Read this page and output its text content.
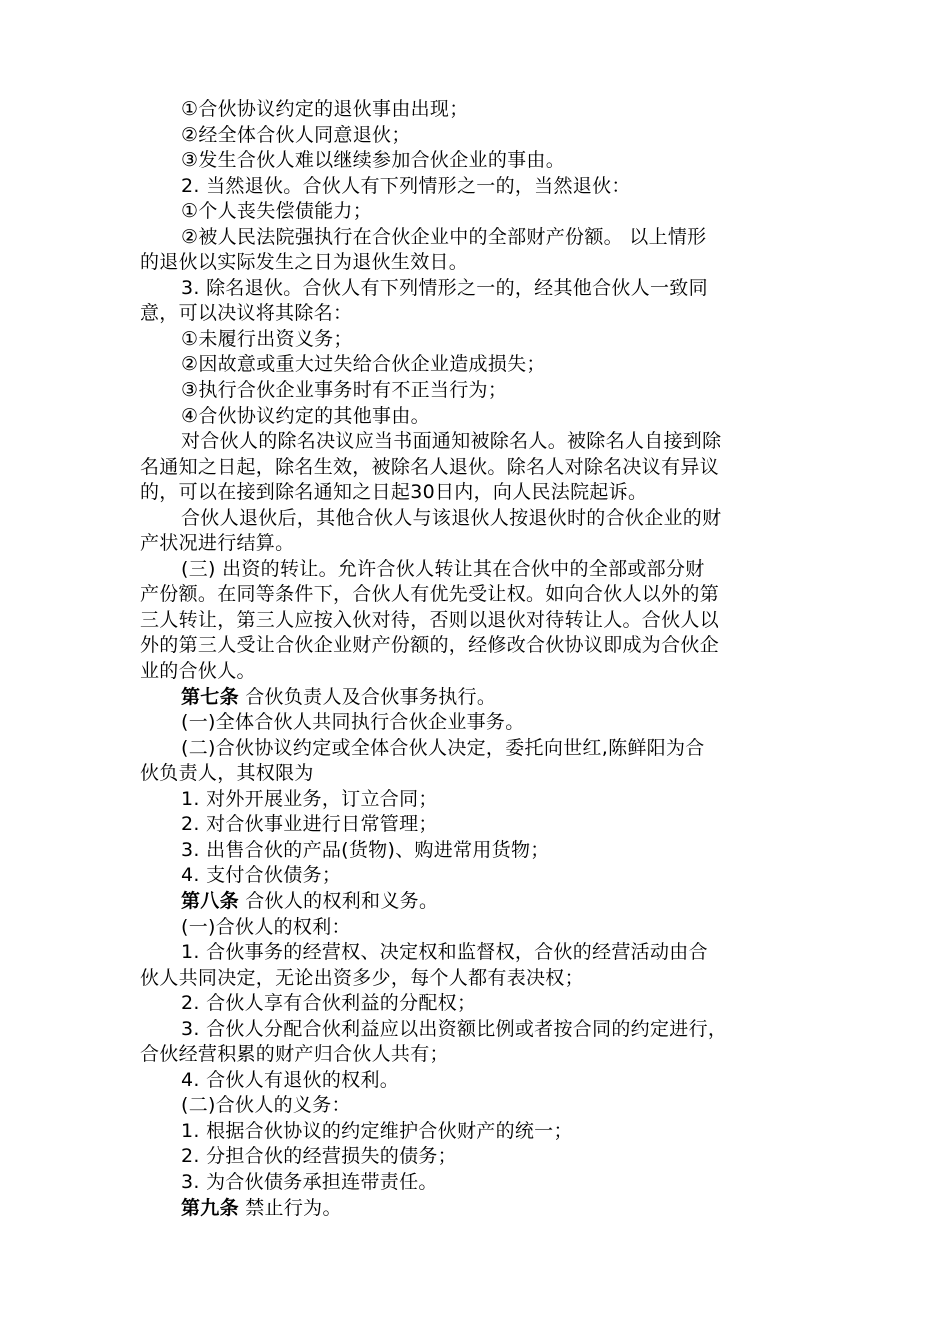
①合伙协议约定的退伙事由出现；
②经全体合伙人同意退伙；
③发生合伙人难以继续参加合伙企业的事由。
2. 当然退伙。合伙人有下列情形之一的，当然退伙：
①个人丧失偿债能力；
②被人民法院强执行在合伙企业中的全部财产份额。 以上情形
的退伙以实际发生之日为退伙生效日。
3. 除名退伙。合伙人有下列情形之一的，经其他合伙人一致同
意，可以决议将其除名：
①未履行出资义务；
②因故意或重大过失给合伙企业造成损失；
③执行合伙企业事务时有不正当行为；
④合伙协议约定的其他事由。
对合伙人的除名决议应当书面通知被除名人。被除名人自接到除
名通知之日起，除名生效，被除名人退伙。除名人对除名决议有异议
的，可以在接到除名通知之日起30日内，向人民法院起诉。
合伙人退伙后，其他合伙人与该退伙人按退伙时的合伙企业的财
产状况进行结算。
(三) 出资的转让。允许合伙人转让其在合伙中的全部或部分财
产份额。在同等条件下，合伙人有优先受让权。如向合伙人以外的第
三人转让，第三人应按入伙对待，否则以退伙对待转让人。合伙人以
外的第三人受让合伙企业财产份额的，经修改合伙协议即成为合伙企
业的合伙人。
第七条 合伙负责人及合伙事务执行。
(一)全体合伙人共同执行合伙企业事务。
(二)合伙协议约定或全体合伙人决定，委托向世红,陈鲜阳为合
伙负责人，其权限为
1. 对外开展业务，订立合同；
2. 对合伙事业进行日常管理；
3. 出售合伙的产品(货物)、购进常用货物；
4. 支付合伙债务；
第八条 合伙人的权利和义务。
(一)合伙人的权利：
1. 合伙事务的经营权、决定权和监督权，合伙的经营活动由合
伙人共同决定，无论出资多少，每个人都有表决权；
2. 合伙人享有合伙利益的分配权；
3. 合伙人分配合伙利益应以出资额比例或者按合同的约定进行，
合伙经营积累的财产归合伙人共有；
4. 合伙人有退伙的权利。
(二)合伙人的义务：
1. 根据合伙协议的约定维护合伙财产的统一；
2. 分担合伙的经营损失的债务；
3. 为合伙债务承担连带责任。
第九条 禁止行为。
